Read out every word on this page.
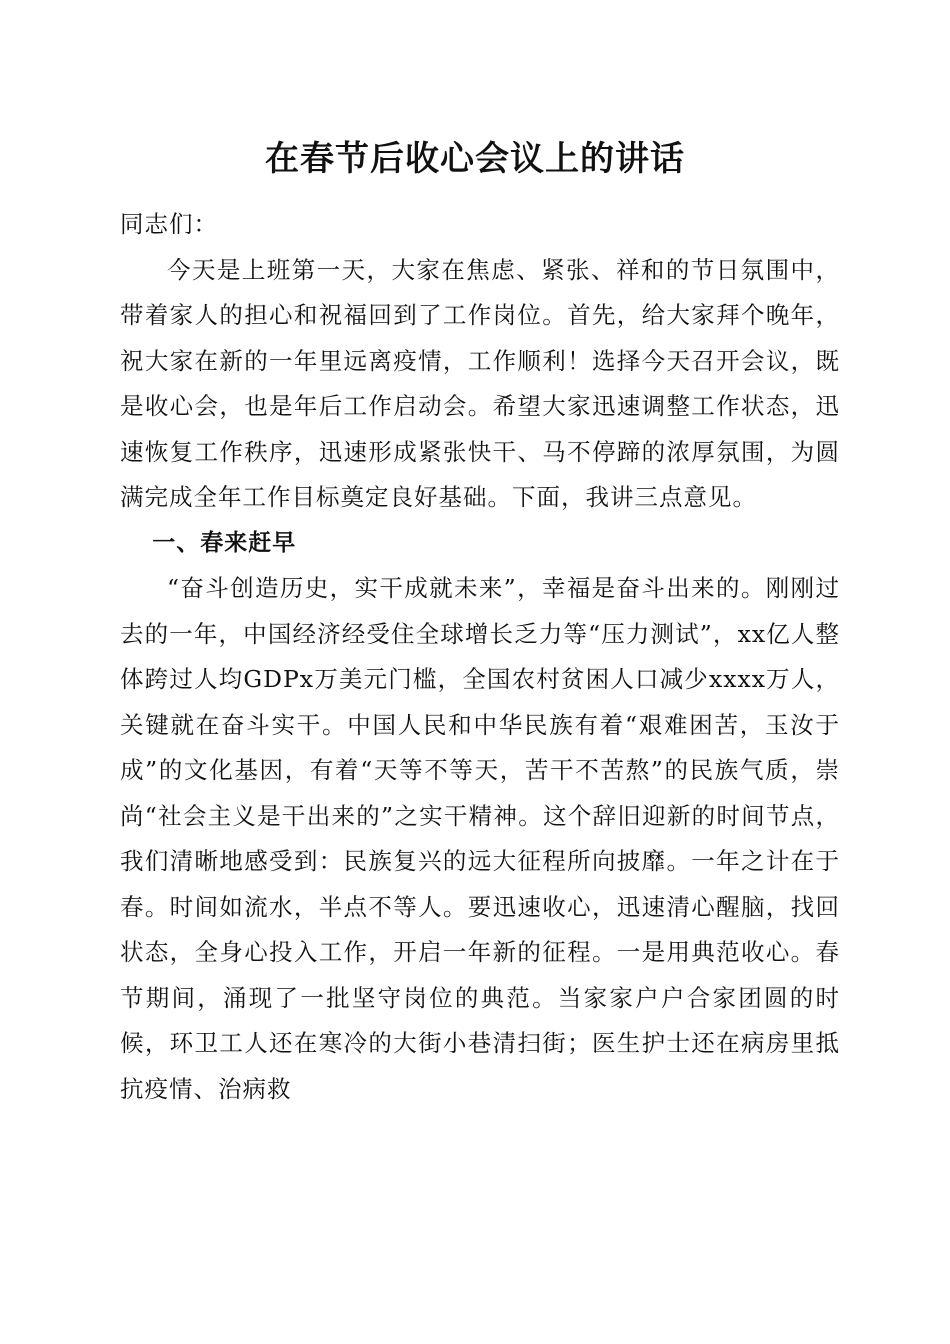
在春节后收心会议上的讲话

同志们：

今天是上班第一天，大家在焦虑、紧张、祥和的节日氛围中，带着家人的担心和祝福回到了工作岗位。首先，给大家拜个晚年，祝大家在新的一年里远离疫情，工作顺利！选择今天召开会议，既是收心会，也是年后工作启动会。希望大家迅速调整工作状态，迅速恢复工作秩序，迅速形成紧张快干、马不停蹄的浓厚氛围，为圆满完成全年工作目标奠定良好基础。下面，我讲三点意见。

一、春来赶早

“奋斗创造历史，实干成就未来”，幸福是奋斗出来的。刚刚过去的一年，中国经济经受住全球增长乏力等“压力测试”，xx亿人整体跨过人均GDPx万美元门槛，全国农村贫困人口减少xxxx万人，关键就在奋斗实干。中国人民和中华民族有着“艰难困苦，玉汝于成”的文化基因，有着“天等不等天，苦干不苦熬”的民族气质，崇尚“社会主义是干出来的”之实干精神。这个辞旧迎新的时间节点，我们清晰地感受到：民族复兴的远大征程所向披靡。一年之计在于春。时间如流水，半点不等人。要迅速收心，迅速清心醒脑，找回状态，全身心投入工作，开启一年新的征程。一是用典范收心。春节期间，涌现了一批坚守岗位的典范。当家家户户合家团圆的时候，环卫工人还在寒冷的大街小巷清扫街；医生护士还在病房里抵抗疫情、治病救
